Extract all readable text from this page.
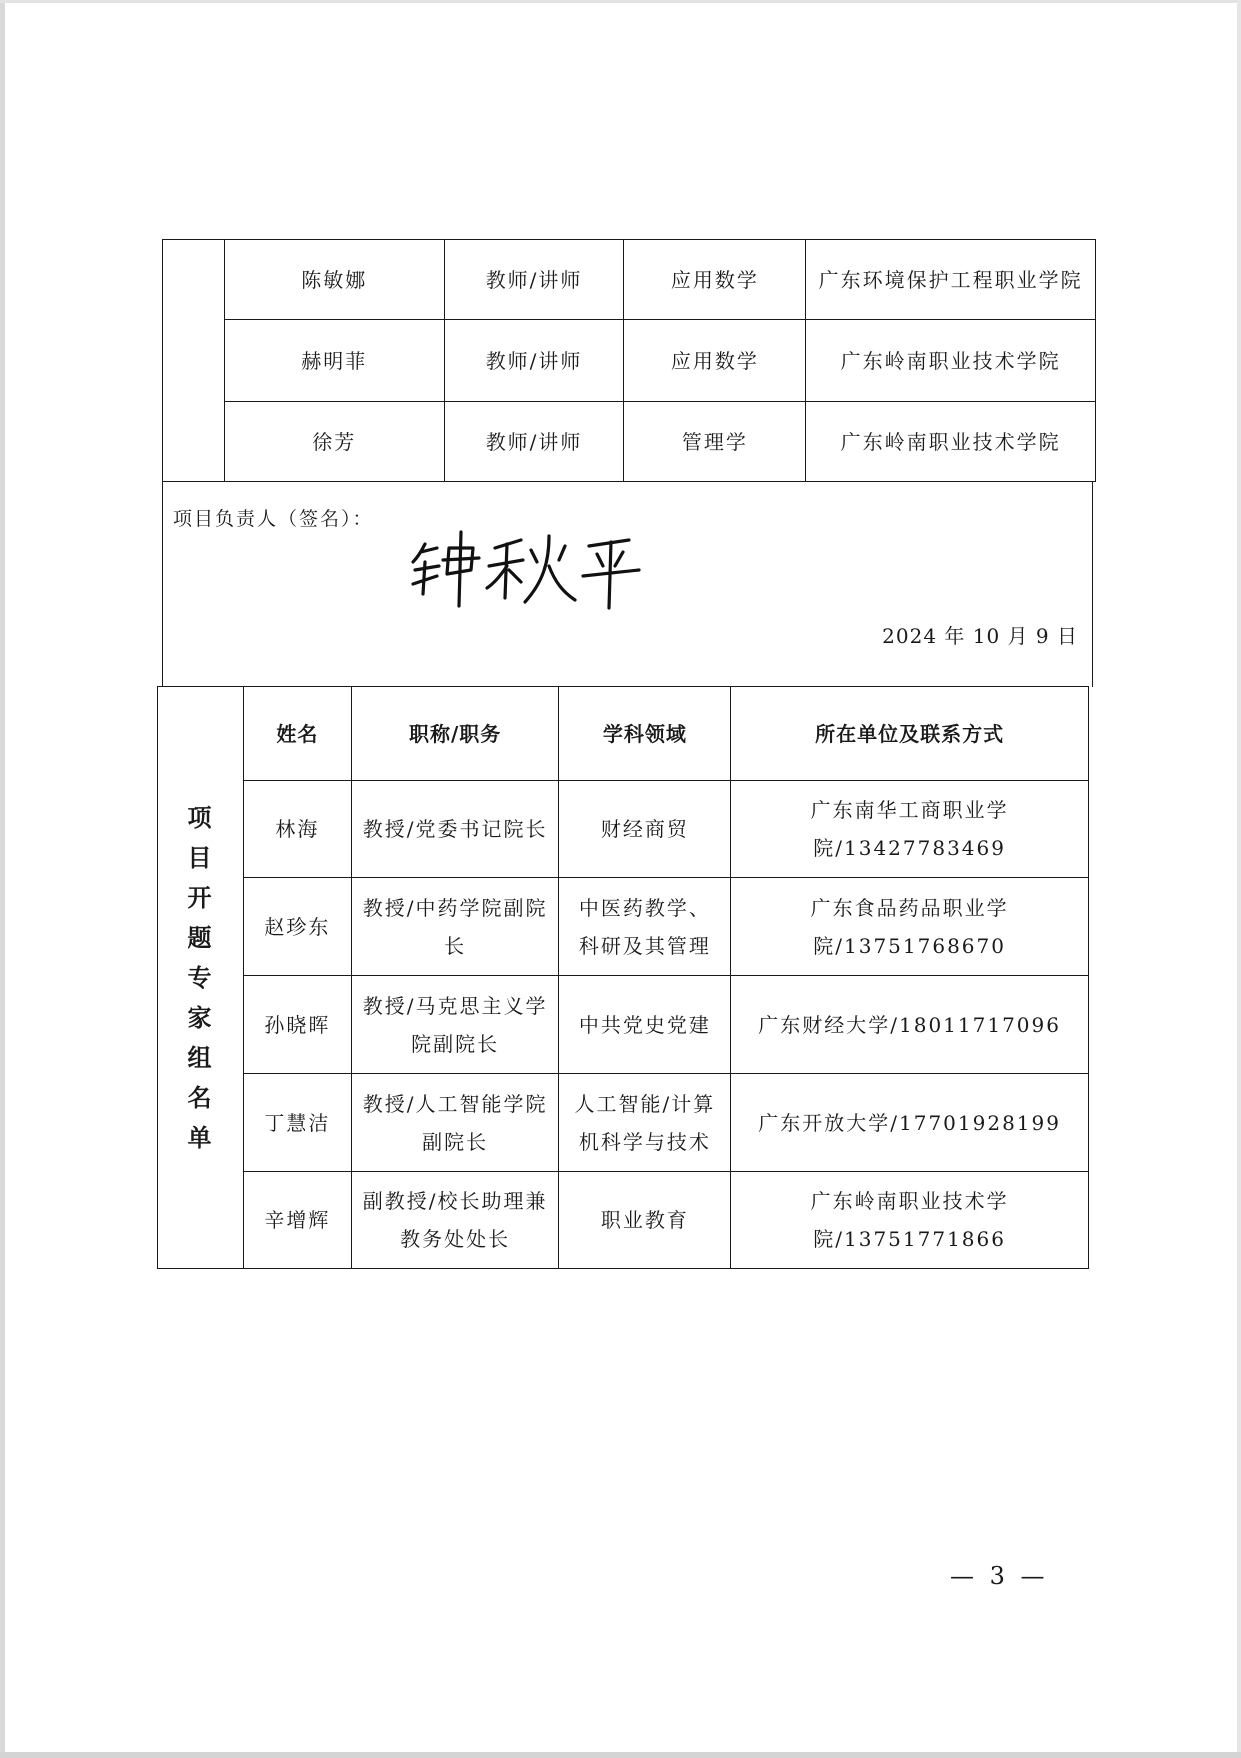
	陈敏娜	教师/讲师	应用数学	广东环境保护工程职业学院
	赫明菲	教师/讲师	应用数学	广东岭南职业技术学院
	徐芳	教师/讲师	管理学	广东岭南职业技术学院
项目负责人（签名）：
2024 年 10 月 9 日
项目开题专家组名单	姓名	职称/职务	学科领域	所在单位及联系方式
	林海	教授/党委书记院长	财经商贸	广东南华工商职业学院/13427783469
	赵珍东	教授/中药学院副院长	中医药教学、科研及其管理	广东食品药品职业学院/13751768670
	孙晓晖	教授/马克思主义学院副院长	中共党史党建	广东财经大学/18011717096
	丁慧洁	教授/人工智能学院副院长	人工智能/计算机科学与技术	广东开放大学/17701928199
	辛增辉	副教授/校长助理兼教务处处长	职业教育	广东岭南职业技术学院/13751771866
— 3 —
